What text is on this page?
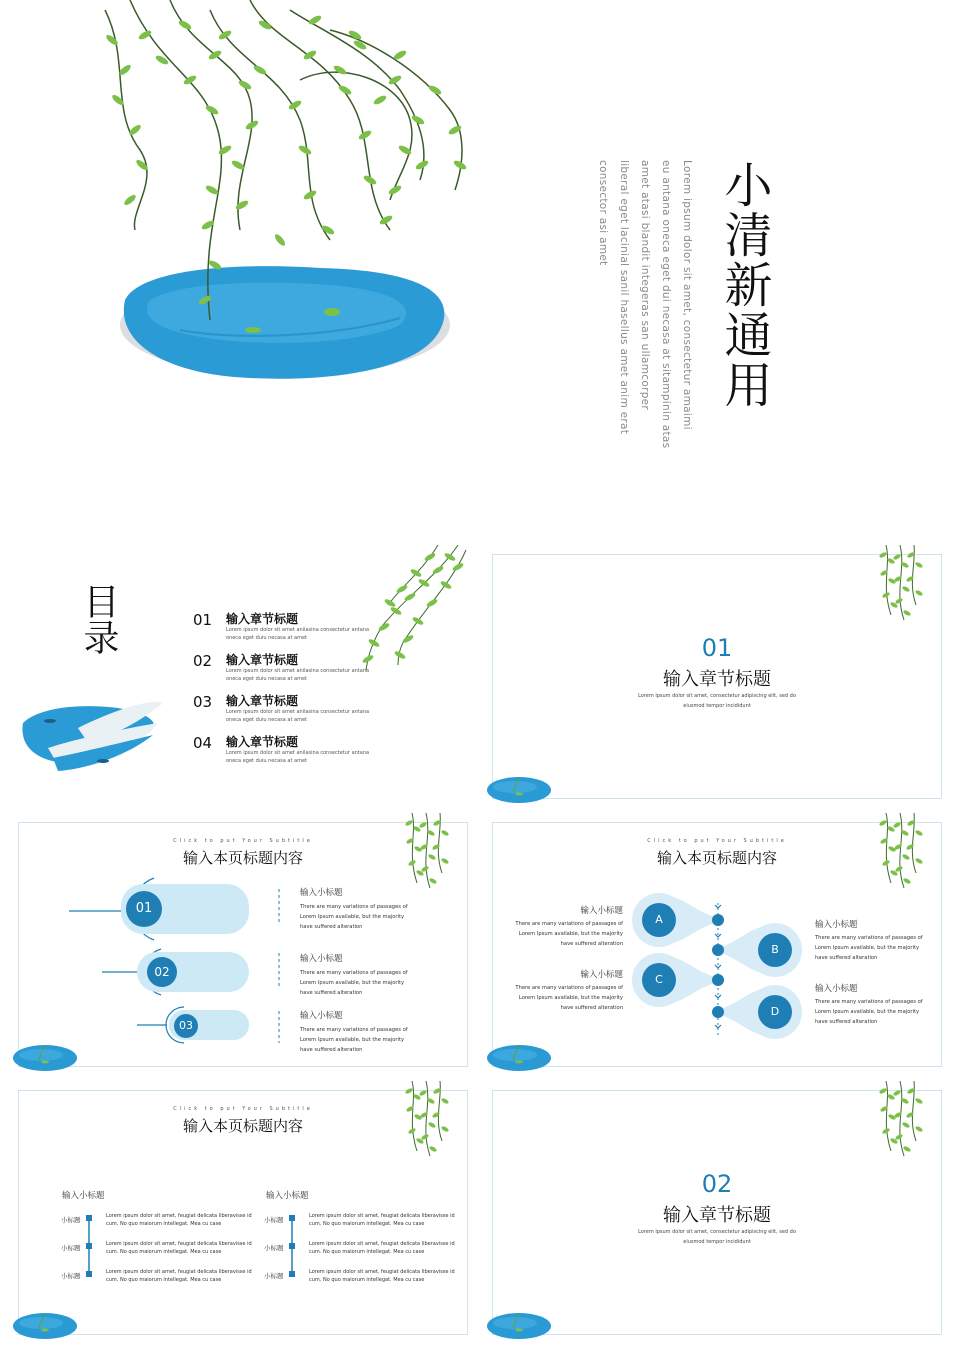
小清新通用
Lorem ipsum dolor sit amet, consectetur amaimi
eu antana oneca eget dui necasa at sitampinin atas
amet atasi blandit integeras san ullamcorper
liberal eget lacinial sanil hasellus amet anim erat
consector asi amet
目录	01 输入章节标题
Lorem ipsum dolor sit amet anilasina consectetur antana
oneca eget duiu necasa at amet
02 输入章节标题
Lorem ipsum dolor sit amet anilasina consectetur antana
oneca eget duiu necasa at amet
03 输入章节标题
Lorem ipsum dolor sit amet anilasina consectetur antana
oneca eget duiu necasa at amet
04 输入章节标题
Lorem ipsum dolor sit amet anilasina consectetur antana
oneca eget duiu necasa at amet
01
输入章节标题
Lorem ipsum dolor sit amet, consectetur adipiscing elit, sed do
eiusmod tempor incididunt
Click to put Your Subtitle
输入本页标题内容
01
02
03
输入小标题
There are many variations of passages of
Lorem Ipsum available, but the majority
have suffered alteration
输入小标题
There are many variations of passages of
Lorem Ipsum available, but the majority
have suffered alteration
输入小标题
There are many variations of passages of
Lorem Ipsum available, but the majority
have suffered alteration
Click to put Your Subtitle
输入本页标题内容
A
B
C
D
输入小标题
There are many variations of passages of
Lorem Ipsum available, but the majority
have suffered alteration
输入小标题
There are many variations of passages of
Lorem Ipsum available, but the majority
have suffered alteration
输入小标题
There are many variations of passages of
Lorem Ipsum available, but the majority
have suffered alteration
输入小标题
There are many variations of passages of
Lorem Ipsum available, but the majority
have suffered alteration
Click to put Your Subtitle
输入本页标题内容
输入小标题
小标题
小标题
小标题
Lorem ipsum dolor sit amet, feugiat delicata liberavisse id
cum. No quo maiorum intellegat. Mea cu case
Lorem ipsum dolor sit amet, feugiat delicata liberavisse id
cum. No quo maiorum intellegat. Mea cu case
Lorem ipsum dolor sit amet, feugiat delicata liberavisse id
cum. No quo maiorum intellegat. Mea cu case
输入小标题
小标题
小标题
小标题
Lorem ipsum dolor sit amet, feugiat delicata liberavisse id
cum. No quo maiorum intellegat. Mea cu case
Lorem ipsum dolor sit amet, feugiat delicata liberavisse id
cum. No quo maiorum intellegat. Mea cu case
Lorem ipsum dolor sit amet, feugiat delicata liberavisse id
cum. No quo maiorum intellegat. Mea cu case
02
输入章节标题
Lorem ipsum dolor sit amet, consectetur adipiscing elit, sed do
eiusmod tempor incididunt
